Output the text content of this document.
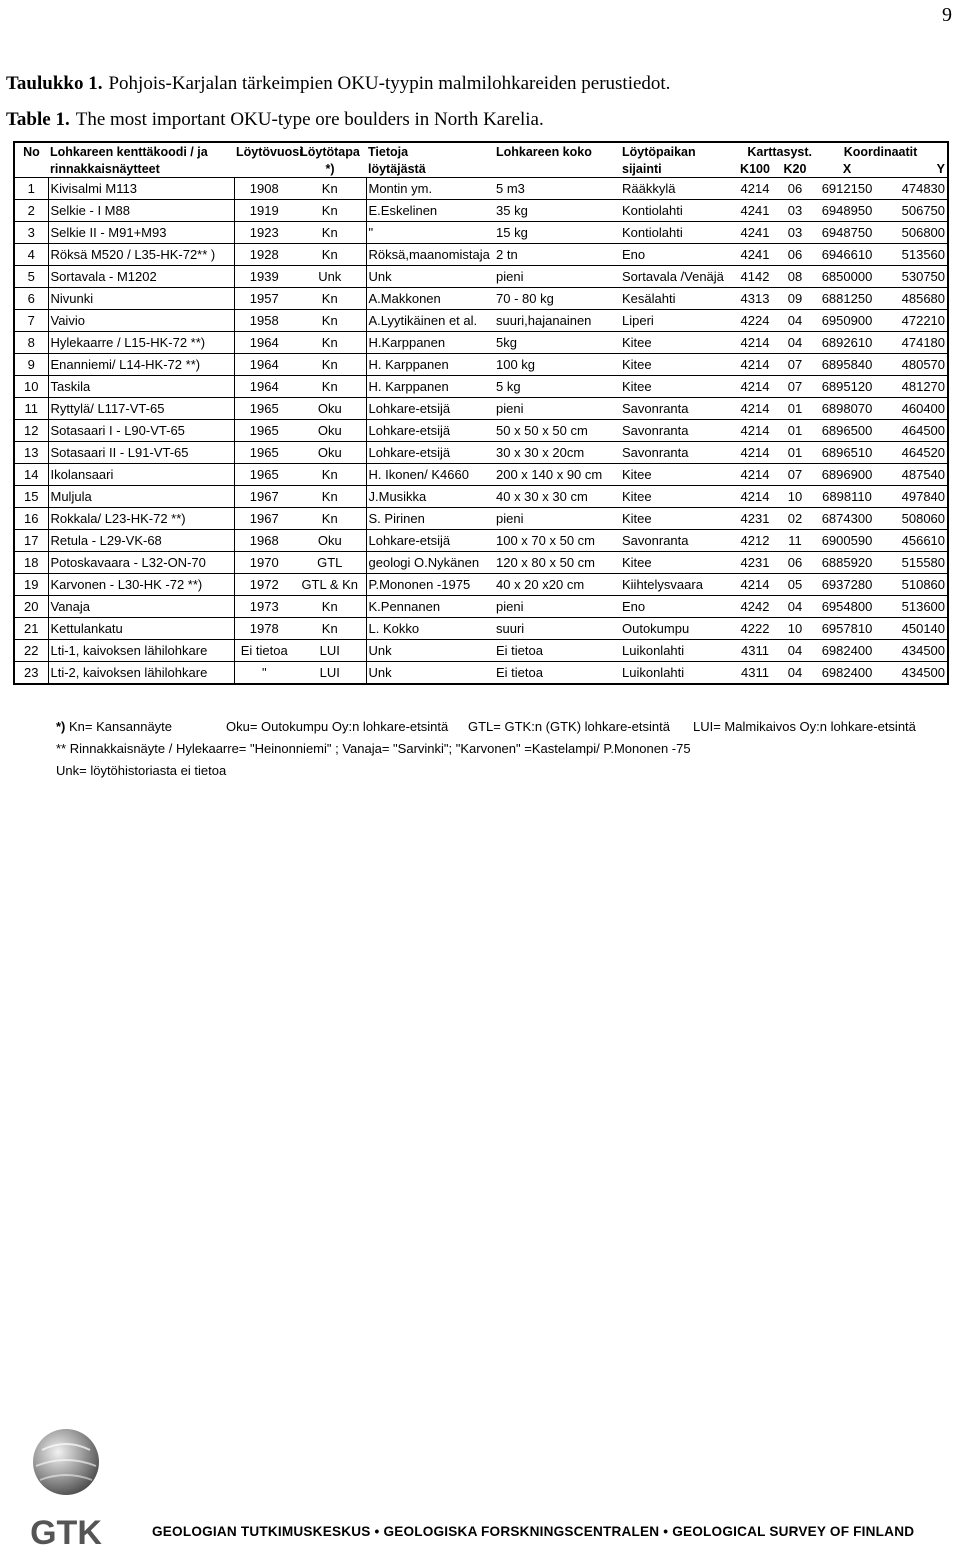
9
Taulukko 1. Pohjois-Karjalan tärkeimpien OKU-tyypin malmilohkareiden perustiedot.
Table 1. The most important OKU-type ore boulders in North Karelia.
No	Lohkareen kenttäkoodi / ja	Löytövuosi	Löytötapa	Tietoja	Lohkareen koko	Löytöpaikan	Karttasyst.		Koordinaatit	
	rinnakkaisnäytteet		*)	löytäjästä		sijainti	K100	K20	X	Y
1	Kivisalmi M113	1908	Kn	Montin ym.	5 m3	Rääkkylä	4214	06	6912150	474830
2	Selkie - I M88	1919	Kn	E.Eskelinen	35 kg	Kontiolahti	4241	03	6948950	506750
3	Selkie II - M91+M93	1923	Kn	"	15 kg	Kontiolahti	4241	03	6948750	506800
4	Röksä M520 / L35-HK-72** )	1928	Kn	Röksä,maanomistaja	2 tn	Eno	4241	06	6946610	513560
5	Sortavala - M1202	1939	Unk	Unk	pieni	Sortavala /Venäjä	4142	08	6850000	530750
6	Nivunki	1957	Kn	A.Makkonen	70 - 80 kg	Kesälahti	4313	09	6881250	485680
7	Vaivio	1958	Kn	A.Lyytikäinen et al.	suuri,hajanainen	Liperi	4224	04	6950900	472210
8	Hylekaarre / L15-HK-72 **)	1964	Kn	H.Karppanen	5kg	Kitee	4214	04	6892610	474180
9	Enanniemi/ L14-HK-72 **)	1964	Kn	H. Karppanen	100 kg	Kitee	4214	07	6895840	480570
10	Taskila	1964	Kn	H. Karppanen	5 kg	Kitee	4214	07	6895120	481270
11	Ryttylä/ L117-VT-65	1965	Oku	Lohkare-etsijä	pieni	Savonranta	4214	01	6898070	460400
12	Sotasaari I - L90-VT-65	1965	Oku	Lohkare-etsijä	50 x 50 x 50 cm	Savonranta	4214	01	6896500	464500
13	Sotasaari II - L91-VT-65	1965	Oku	Lohkare-etsijä	30 x 30 x 20cm	Savonranta	4214	01	6896510	464520
14	Ikolansaari	1965	Kn	H. Ikonen/ K4660	200 x 140 x 90 cm	Kitee	4214	07	6896900	487540
15	Muljula	1967	Kn	J.Musikka	40 x 30 x 30 cm	Kitee	4214	10	6898110	497840
16	Rokkala/ L23-HK-72 **)	1967	Kn	S. Pirinen	pieni	Kitee	4231	02	6874300	508060
17	Retula - L29-VK-68	1968	Oku	Lohkare-etsijä	100 x 70 x 50 cm	Savonranta	4212	11	6900590	456610
18	Potoskavaara - L32-ON-70	1970	GTL	geologi O.Nykänen	120 x 80 x 50 cm	Kitee	4231	06	6885920	515580
19	Karvonen - L30-HK -72 **)	1972	GTL & Kn	P.Mononen -1975	40 x 20 x20 cm	Kiihtelysvaara	4214	05	6937280	510860
20	Vanaja	1973	Kn	K.Pennanen	pieni	Eno	4242	04	6954800	513600
21	Kettulankatu	1978	Kn	L. Kokko	suuri	Outokumpu	4222	10	6957810	450140
22	Lti-1, kaivoksen lähilohkare	Ei tietoa	LUI	Unk	Ei tietoa	Luikonlahti	4311	04	6982400	434500
23	Lti-2, kaivoksen lähilohkare	"	LUI	Unk	Ei tietoa	Luikonlahti	4311	04	6982400	434500
*) Kn= Kansannäyte	Oku= Outokumpu Oy:n lohkare-etsintä	GTL= GTK:n (GTK) lohkare-etsintä	LUI= Malmikaivos Oy:n lohkare-etsintä
** Rinnakkaisnäyte / Hylekaarre= "Heinonniemi" ; Vanaja= "Sarvinki"; "Karvonen" =Kastelampi/ P.Mononen -75
Unk= löytöhistoriasta ei tietoa
GTK	GEOLOGIAN TUTKIMUSKESKUS • GEOLOGISKA FORSKNINGSCENTRALEN • GEOLOGICAL SURVEY OF FINLAND
